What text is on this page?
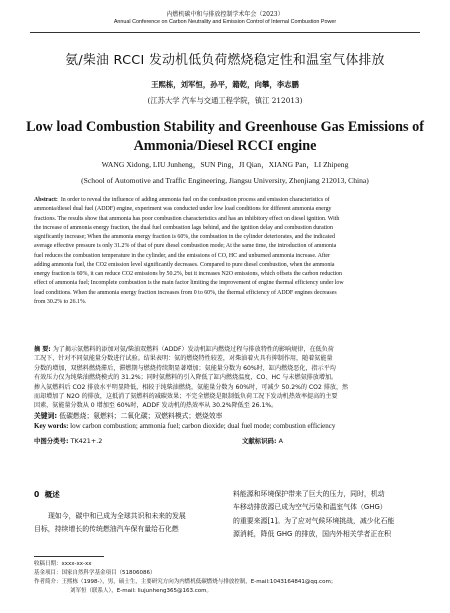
内燃机碳中和与排放控制学术年会（2023）
Annual Conference on Carbon Neutrality and Emission Control of Internal Combustion Power
氨/柴油 RCCI 发动机低负荷燃烧稳定性和温室气体排放
王熙栋，刘军恒，孙平，籍乾，向攀，李志鹏
(江苏大学 汽车与交通工程学院，镇江 212013)
Low load Combustion Stability and Greenhouse Gas Emissions of Ammonia/Diesel RCCI engine
WANG Xidong, LIU Junheng，SUN Ping，JI Qian，XIANG Pan，LI Zhipeng
(School of Automotive and Traffic Engineering, Jiangsu University, Zhenjiang 212013, China)
Abstract: In order to reveal the influence of adding ammonia fuel on the combustion process and emission characteristics of
ammonia/diesel dual fuel (ADDF) engine, experiment was conducted under low load conditions for different ammonia energy
fractions. The results show that ammonia has poor combustion characteristics and has an inhibitory effect on diesel ignition. With
the increase of ammonia energy fraction, the dual fuel combustion lags behind, and the ignition delay and combustion duration
significantly increase; When the ammonia energy fraction is 60%, the combustion in the cylinder deteriorates, and the indicated
average effective pressure is only 31.2% of that of pure diesel combustion mode; At the same time, the introduction of ammonia
fuel reduces the combustion temperature in the cylinder, and the emissions of CO, HC and unburned ammonia increase. After
adding ammonia fuel, the CO2 emission level significantly decreases. Compared to pure diesel combustion, when the ammonia
energy fraction is 60%, it can reduce CO2 emissions by 50.2%, but it increases N2O emissions, which offsets the carbon reduction
effect of ammonia fuel; Incomplete combustion is the main factor limiting the improvement of engine thermal efficiency under low
load conditions. When the ammonia energy fraction increases from 0 to 60%, the thermal efficiency of ADDF engines decreases
from 30.2% to 26.1%.
摘 要: 为了揭示氨燃料的添加对氨/柴油双燃料（ADDF）发动机缸内燃烧过程与排放特性的影响规律，在低负荷
工况下，针对不同氨能量分数进行试验。结果表明：氨的燃烧特性较差，对柴油着火具有抑制作用，随着氨能量
分数的增加，双燃料燃烧滞后，滞燃期与燃烧持续期显著增加；氨能量分数为 60%时，缸内燃烧恶化，指示平均
有效压力仅为纯柴油燃烧模式的 31.2%；同时氨燃料的引入降低了缸内燃烧温度，CO、HC 与未燃氨排放增加。
掺入氨燃料后 CO2 排放水平明显降低，相较于纯柴油燃烧，氨能量分数为 60%时，可减少 50.2%的 CO2 排放，然
而却增加了 N2O 的排放，这抵消了氨燃料的减碳效果；不完全燃烧是限制低负荷工况下发动机热效率提高的主要
因素，氨能量分数从 0 增加至 60%时，ADDF 发动机的热效率从 30.2%降低至 26.1%。
关键词: 低碳燃烧；氨燃料；二氧化碳；双燃料模式；燃烧效率
Key words: low carbon combustion; ammonia fuel; carbon dioxide; dual fuel mode; combustion efficiency
中图分类号: TK421+.2	文献标识码: A
0 概述
现如今，碳中和已成为全球共识和未来的发展
目标，持续增长的传统燃油汽车保有量给石化燃
料能源和环境保护带来了巨大的压力，同时，机动
车移动排放源已成为空气污染和温室气体（GHG）
的重要来源[1]。为了应对气候环境挑战，减少化石能
源消耗，降低 GHG 的排放，国内外相关学者正在积
收稿日期：xxxx-xx-xx
基金项目：国家自然科学基金项目（51806086）
作者简介：王熙栋（1998-），男，硕士生，主要研究方向为内燃机低碳燃烧与排放控制，E-mail:1043164841@qq.com；
刘军恒（联系人），E-mail: liujunheng365@163.com。
